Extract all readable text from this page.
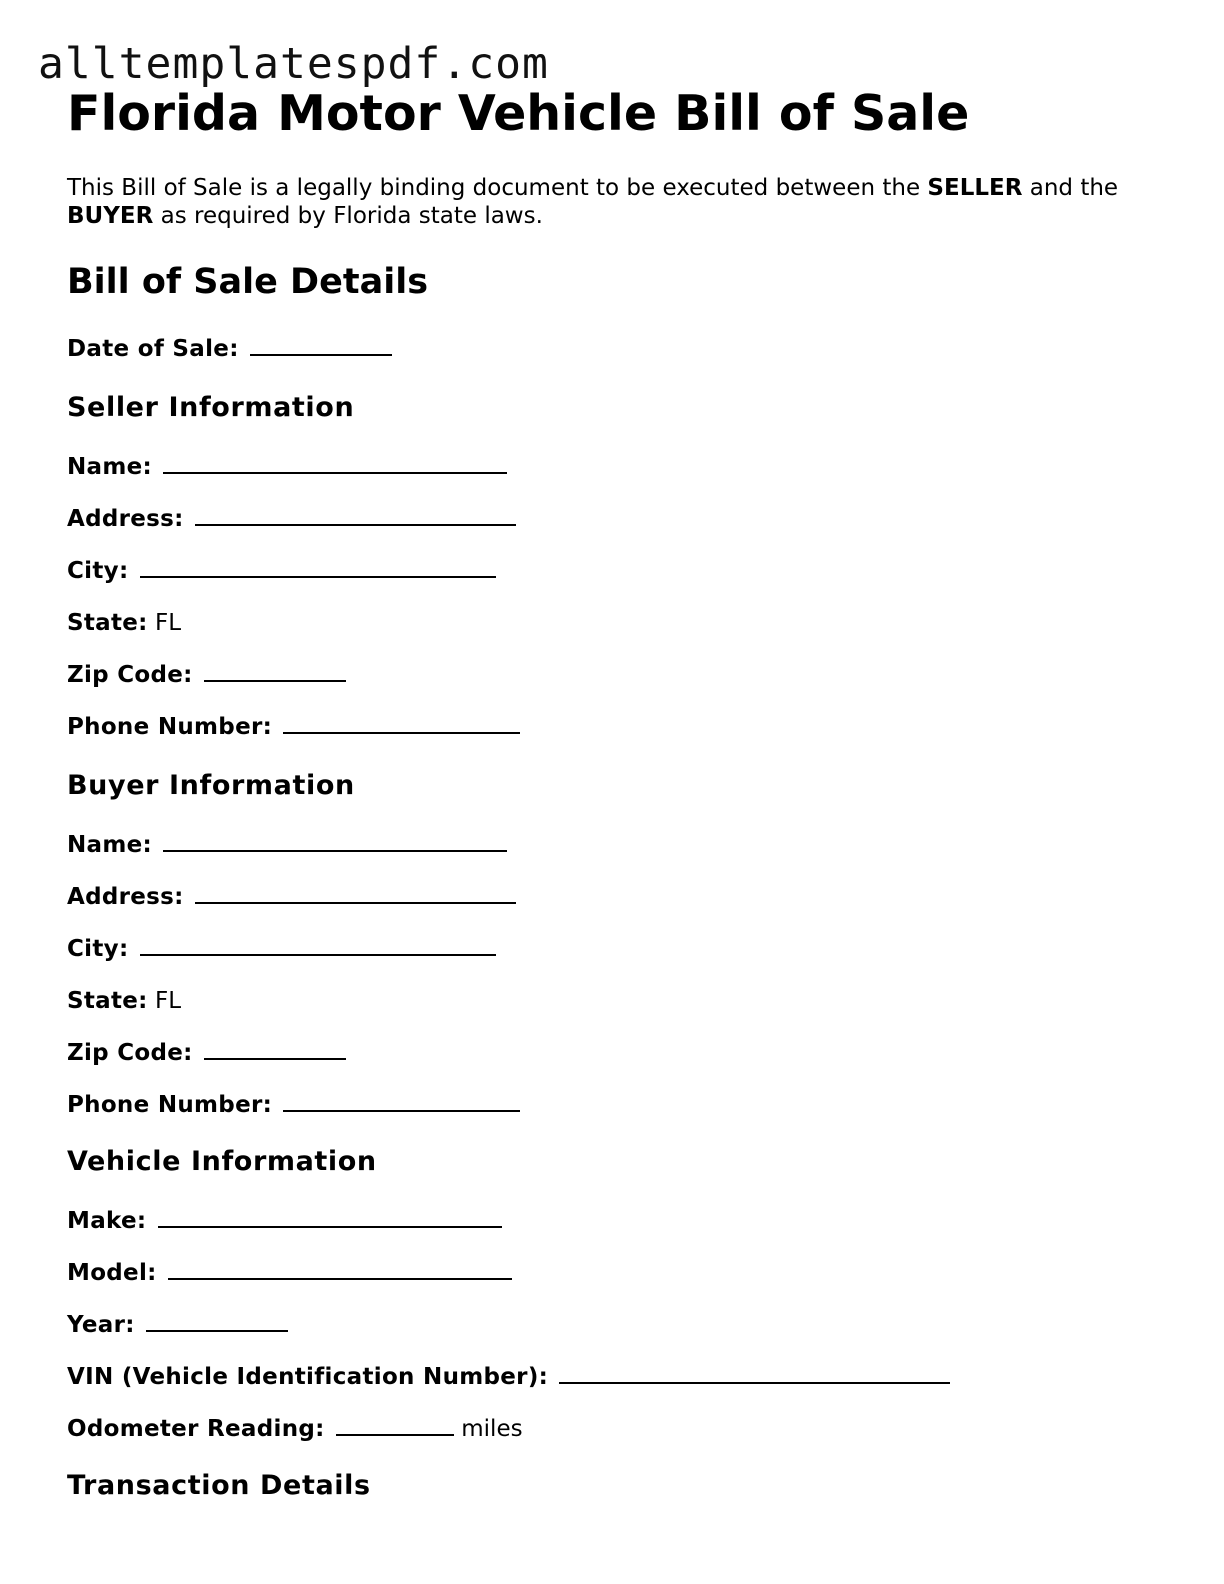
alltemplatespdf.com
Florida Motor Vehicle Bill of Sale

This Bill of Sale is a legally binding document to be executed between the SELLER and the BUYER as required by Florida state laws.

Bill of Sale Details

Date of Sale:

Seller Information

Name:

Address:

City:

State: FL

Zip Code:

Phone Number:

Buyer Information

Name:

Address:

City:

State: FL

Zip Code:

Phone Number:

Vehicle Information

Make:

Model:

Year:

VIN (Vehicle Identification Number):

Odometer Reading:	miles

Transaction Details
